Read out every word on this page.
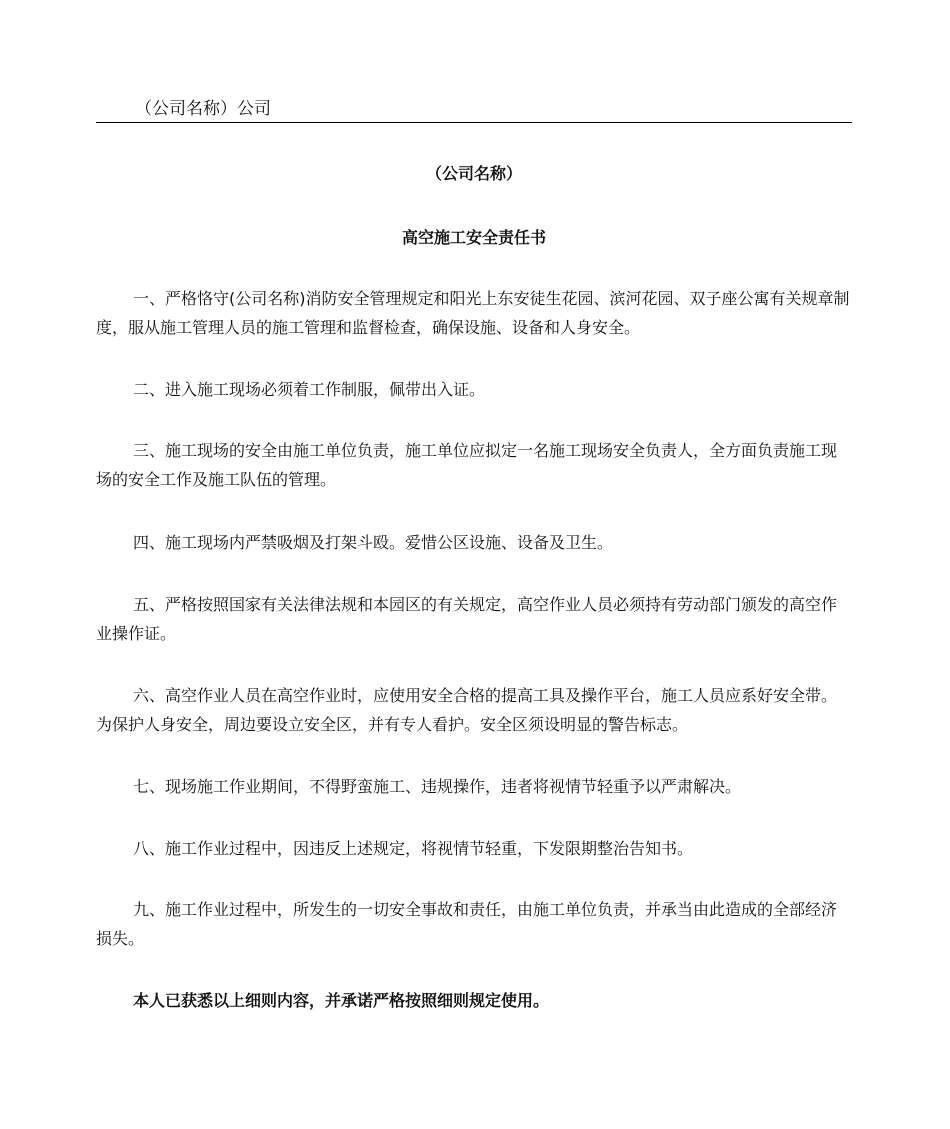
（公司名称）公司
（公司名称）
高空施工安全责任书

一、严格恪守(公司名称)消防安全管理规定和阳光上东安徒生花园、滨河花园、双子座公寓有关规章制度，服从施工管理人员的施工管理和监督检查，确保设施、设备和人身安全。

二、进入施工现场必须着工作制服，佩带出入证。

三、施工现场的安全由施工单位负责，施工单位应拟定一名施工现场安全负责人，全方面负责施工现场的安全工作及施工队伍的管理。

四、施工现场内严禁吸烟及打架斗殴。爱惜公区设施、设备及卫生。

五、严格按照国家有关法律法规和本园区的有关规定，高空作业人员必须持有劳动部门颁发的高空作业操作证。

六、高空作业人员在高空作业时，应使用安全合格的提高工具及操作平台，施工人员应系好安全带。为保护人身安全，周边要设立安全区，并有专人看护。安全区须设明显的警告标志。

七、现场施工作业期间，不得野蛮施工、违规操作，违者将视情节轻重予以严肃解决。

八、施工作业过程中，因违反上述规定，将视情节轻重，下发限期整治告知书。

九、施工作业过程中，所发生的一切安全事故和责任，由施工单位负责，并承当由此造成的全部经济损失。

本人已获悉以上细则内容，并承诺严格按照细则规定使用。
